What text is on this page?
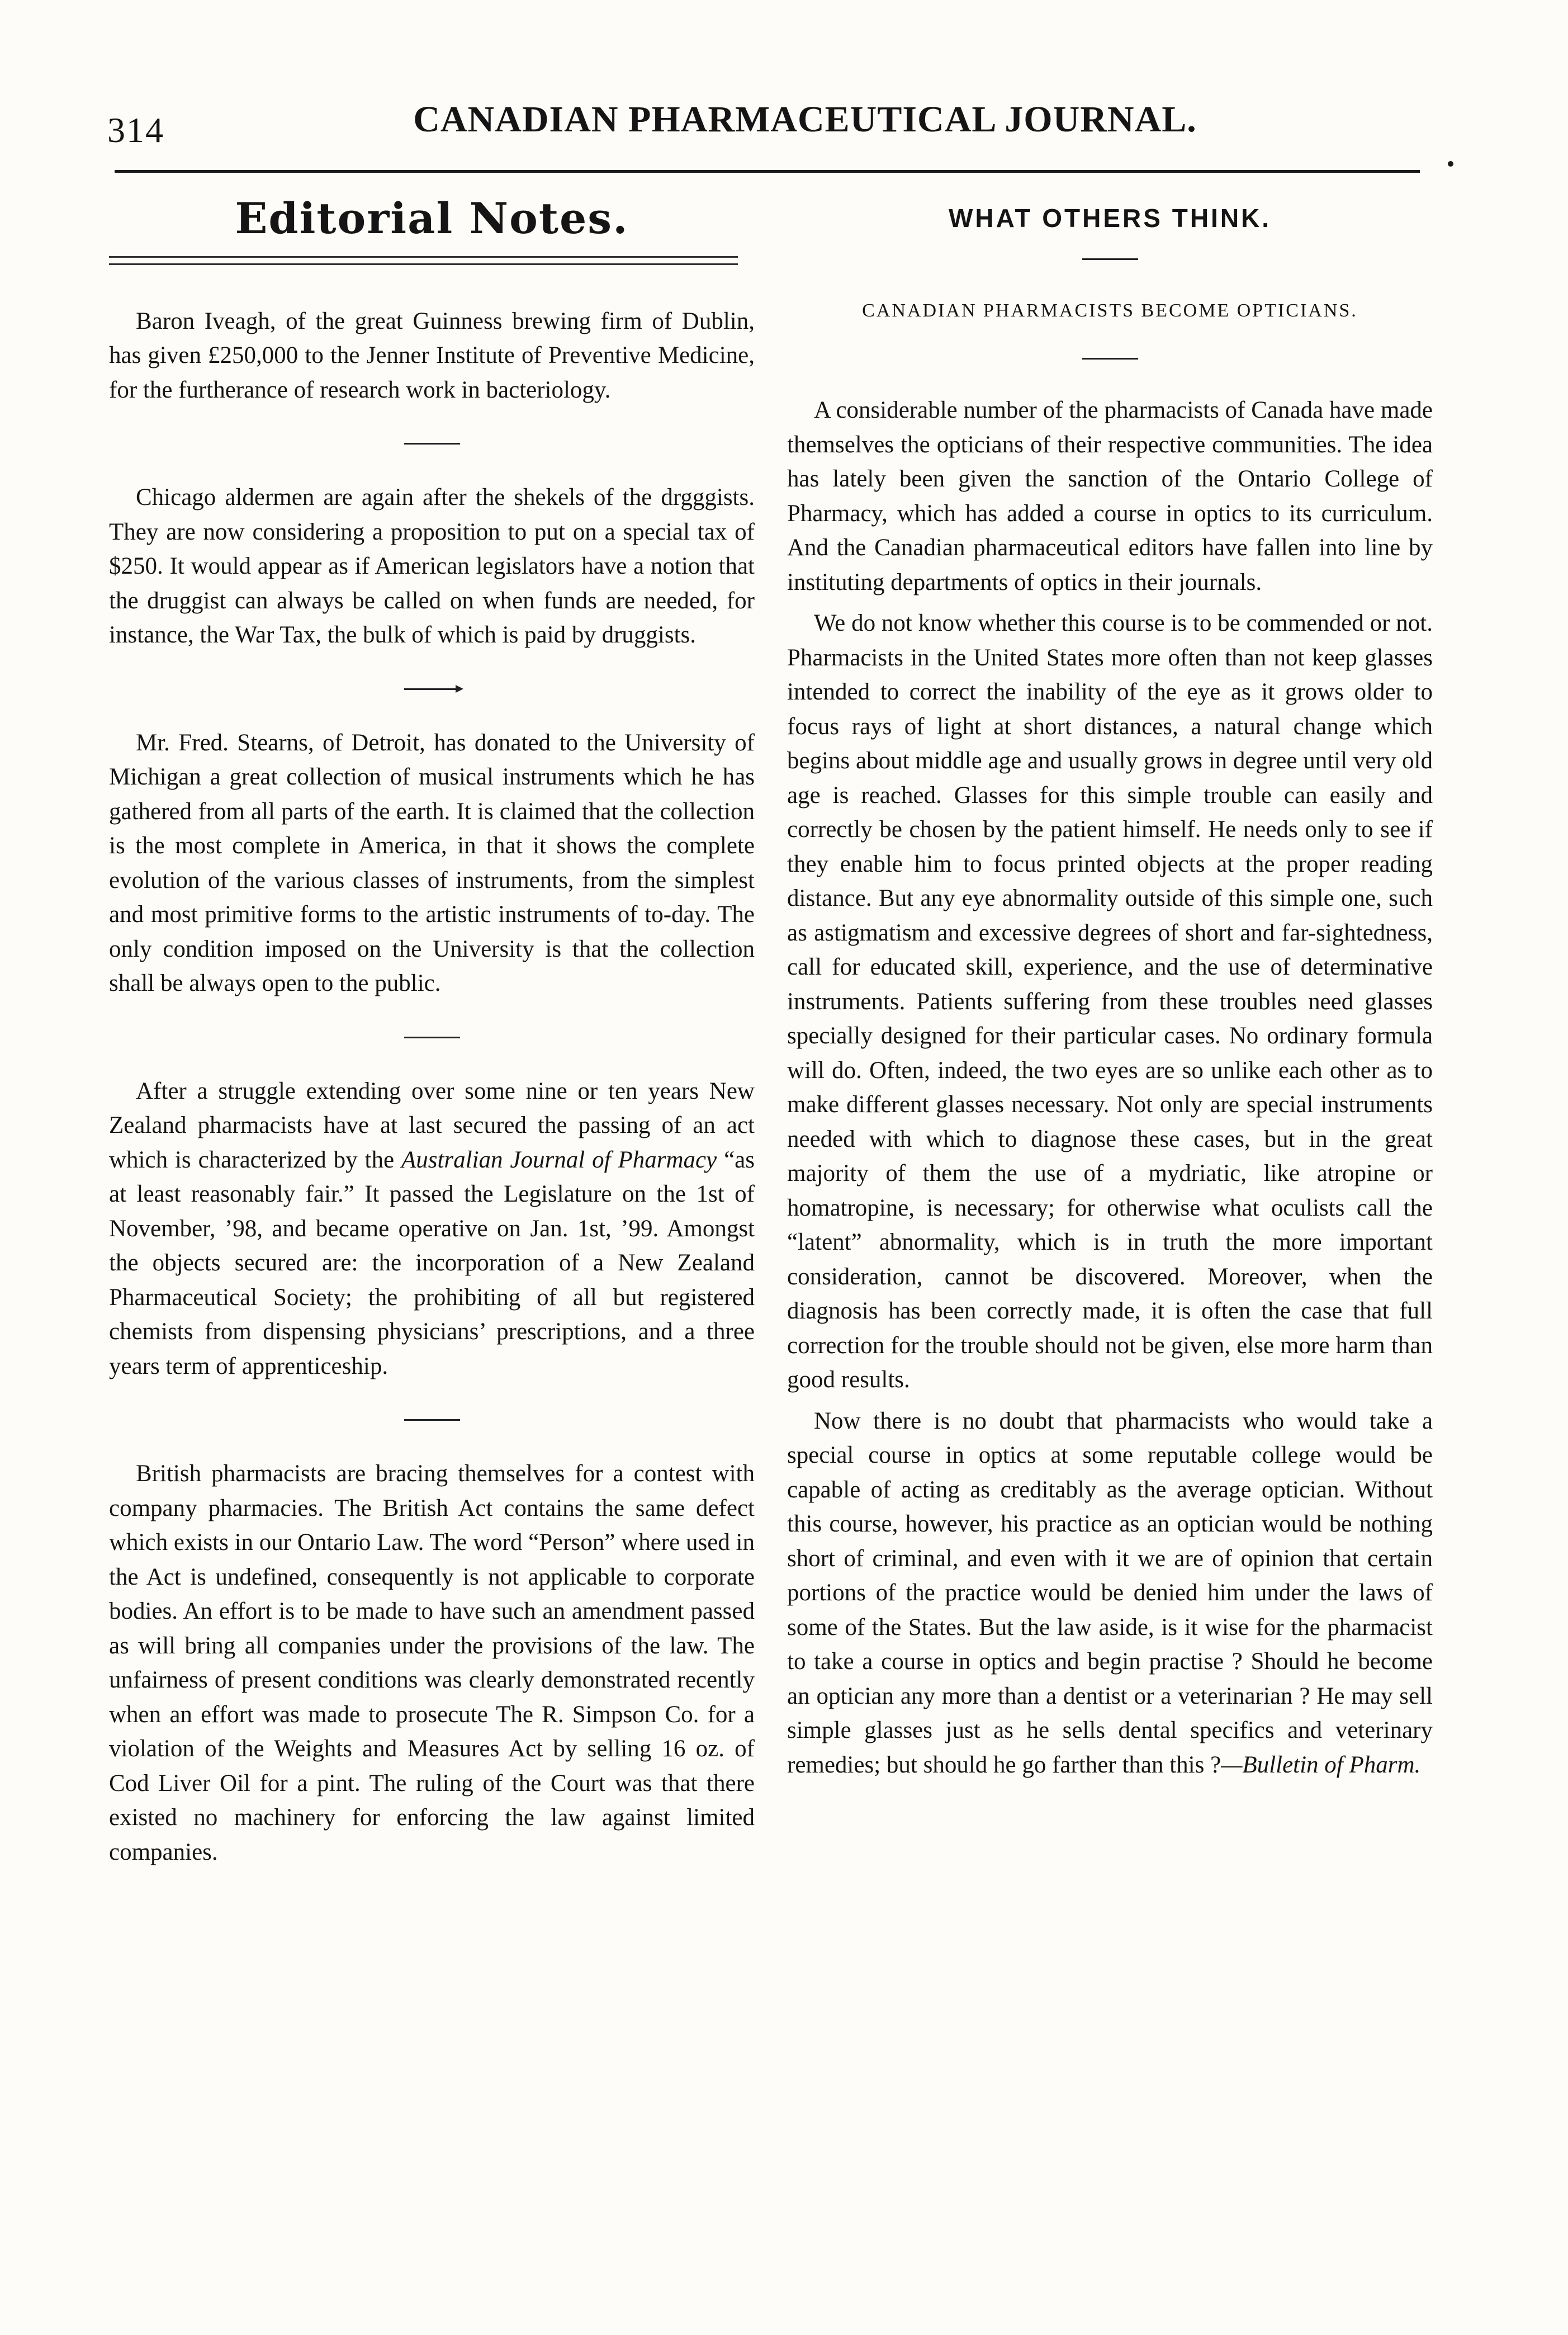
314	CANADIAN PHARMACEUTICAL JOURNAL.
Editorial Notes.

Baron Iveagh, of the great Guinness brewing firm of Dublin, has given £250,000 to the Jenner Institute of Preventive Medicine, for the furtherance of research work in bacteriology.

Chicago aldermen are again after the shekels of the drgggists. They are now considering a proposition to put on a special tax of $250. It would appear as if American legislators have a notion that the druggist can always be called on when funds are needed, for instance, the War Tax, the bulk of which is paid by druggists.

Mr. Fred. Stearns, of Detroit, has donated to the University of Michigan a great collection of musical instruments which he has gathered from all parts of the earth. It is claimed that the collection is the most complete in America, in that it shows the complete evolution of the various classes of instruments, from the simplest and most primitive forms to the artistic instruments of to-day. The only condition imposed on the University is that the collection shall be always open to the public.

After a struggle extending over some nine or ten years New Zealand pharmacists have at last secured the passing of an act which is characterized by the Australian Journal of Pharmacy “as at least reasonably fair.” It passed the Legislature on the 1st of November, ’98, and became operative on Jan. 1st, ’99. Amongst the objects secured are: the incorporation of a New Zealand Pharmaceutical Society; the prohibiting of all but registered chemists from dispensing physicians’ prescriptions, and a three years term of apprenticeship.

British pharmacists are bracing themselves for a contest with company pharmacies. The British Act contains the same defect which exists in our Ontario Law. The word “Person” where used in the Act is undefined, consequently is not applicable to corporate bodies. An effort is to be made to have such an amendment passed as will bring all companies under the provisions of the law. The unfairness of present conditions was clearly demonstrated recently when an effort was made to prosecute The R. Simpson Co. for a violation of the Weights and Measures Act by selling 16 oz. of Cod Liver Oil for a pint. The ruling of the Court was that there existed no machinery for enforcing the law against limited companies.

WHAT OTHERS THINK.
CANADIAN PHARMACISTS BECOME OPTICIANS.

A considerable number of the pharmacists of Canada have made themselves the opticians of their respective communities. The idea has lately been given the sanction of the Ontario College of Pharmacy, which has added a course in optics to its curriculum. And the Canadian pharmaceutical editors have fallen into line by instituting departments of optics in their journals.

We do not know whether this course is to be commended or not. Pharmacists in the United States more often than not keep glasses intended to correct the inability of the eye as it grows older to focus rays of light at short distances, a natural change which begins about middle age and usually grows in degree until very old age is reached. Glasses for this simple trouble can easily and correctly be chosen by the patient himself. He needs only to see if they enable him to focus printed objects at the proper reading distance. But any eye abnormality outside of this simple one, such as astigmatism and excessive degrees of short and far-sightedness, call for educated skill, experience, and the use of determinative instruments. Patients suffering from these troubles need glasses specially designed for their particular cases. No ordinary formula will do. Often, indeed, the two eyes are so unlike each other as to make different glasses necessary. Not only are special instruments needed with which to diagnose these cases, but in the great majority of them the use of a mydriatic, like atropine or homatropine, is necessary; for otherwise what oculists call the “latent” abnormality, which is in truth the more important consideration, cannot be discovered. Moreover, when the diagnosis has been correctly made, it is often the case that full correction for the trouble should not be given, else more harm than good results.

Now there is no doubt that pharmacists who would take a special course in optics at some reputable college would be capable of acting as creditably as the average optician. Without this course, however, his practice as an optician would be nothing short of criminal, and even with it we are of opinion that certain portions of the practice would be denied him under the laws of some of the States. But the law aside, is it wise for the pharmacist to take a course in optics and begin practise ? Should he become an optician any more than a dentist or a veterinarian ? He may sell simple glasses just as he sells dental specifics and veterinary remedies; but should he go farther than this ?—Bulletin of Pharm.
